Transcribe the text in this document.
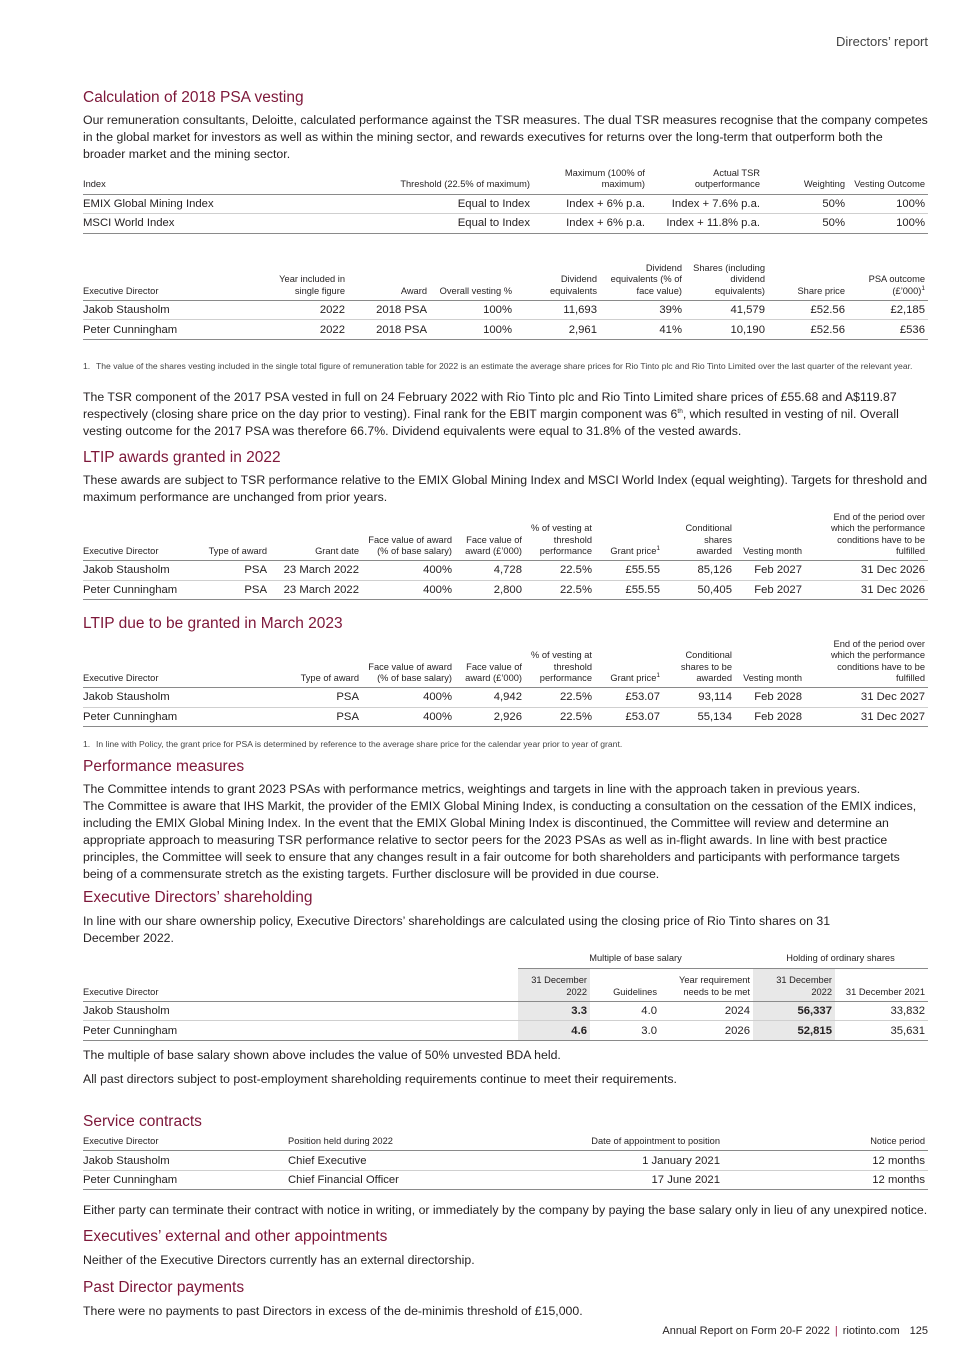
Directors’ report
Calculation of 2018 PSA vesting

Our remuneration consultants, Deloitte, calculated performance against the TSR measures. The dual TSR measures recognise that the company competes in the global market for investors as well as within the mining sector, and rewards executives for returns over the long-term that outperform both the broader market and the mining sector.

Index	Threshold (22.5% of maximum)	Maximum (100% of maximum)	Actual TSR outperformance	Weighting	Vesting Outcome
EMIX Global Mining Index	Equal to Index	Index + 6% p.a.	Index + 7.6% p.a.	50%	100%
MSCI World Index	Equal to Index	Index + 6% p.a.	Index + 11.8% p.a.	50%	100%
Executive Director	Year included in single figure	Award	Overall vesting %	Dividend equivalents	Dividend equivalents (% of face value)	Shares (including dividend equivalents)	Share price	PSA outcome (£’000)$^1$
Jakob Stausholm	2022	2018 PSA	100%	11,693	39%	41,579	£52.56	£2,185
Peter Cunningham	2022	2018 PSA	100%	2,961	41%	10,190	£52.56	£536
1. The value of the shares vesting included in the single total figure of remuneration table for 2022 is an estimate the average share prices for Rio Tinto plc and Rio Tinto Limited over the last quarter of the relevant year.

The TSR component of the 2017 PSA vested in full on 24 February 2022 with Rio Tinto plc and Rio Tinto Limited share prices of £55.68 and A$119.87 respectively (closing share price on the day prior to vesting). Final rank for the EBIT margin component was 6th, which resulted in vesting of nil. Overall vesting outcome for the 2017 PSA was therefore 66.7%. Dividend equivalents were equal to 31.8% of the vested awards.

LTIP awards granted in 2022

These awards are subject to TSR performance relative to the EMIX Global Mining Index and MSCI World Index (equal weighting). Targets for threshold and maximum performance are unchanged from prior years.

Executive Director	Type of award	Grant date	Face value of award (% of base salary)	Face value of award (£’000)	% of vesting at threshold performance	Grant price$^1$	Conditional shares awarded	Vesting month	End of the period over which the performance conditions have to be fulfilled
Jakob Stausholm	PSA	23 March 2022	400%	4,728	22.5%	£55.55	85,126	Feb 2027	31 Dec 2026
Peter Cunningham	PSA	23 March 2022	400%	2,800	22.5%	£55.55	50,405	Feb 2027	31 Dec 2026
LTIP due to be granted in March 2023
Executive Director	Type of award	Face value of award (% of base salary)	Face value of award (£’000)	% of vesting at threshold performance	Grant price$^1$	Conditional shares to be awarded	Vesting month	End of the period over which the performance conditions have to be fulfilled
Jakob Stausholm	PSA	400%	4,942	22.5%	£53.07	93,114	Feb 2028	31 Dec 2027
Peter Cunningham	PSA	400%	2,926	22.5%	£53.07	55,134	Feb 2028	31 Dec 2027
1. In line with Policy, the grant price for PSA is determined by reference to the average share price for the calendar year prior to year of grant.
Performance measures

The Committee intends to grant 2023 PSAs with performance metrics, weightings and targets in line with the approach taken in previous years.

The Committee is aware that IHS Markit, the provider of the EMIX Global Mining Index, is conducting a consultation on the cessation of the EMIX indices, including the EMIX Global Mining Index. In the event that the EMIX Global Mining Index is discontinued, the Committee will review and determine an appropriate approach to measuring TSR performance relative to sector peers for the 2023 PSAs as well as in-flight awards. In line with best practice principles, the Committee will seek to ensure that any changes result in a fair outcome for both shareholders and participants with performance targets being of a commensurate stretch as the existing targets. Further disclosure will be provided in due course.

Executive Directors’ shareholding

In line with our share ownership policy, Executive Directors’ shareholdings are calculated using the closing price of Rio Tinto shares on 31 December 2022.

	Multiple of base salary			Holding of ordinary shares	
Executive Director	31 December 2022	Guidelines	Year requirement needs to be met	31 December 2022	31 December 2021
Jakob Stausholm	3.3	4.0	2024	56,337	33,832
Peter Cunningham	4.6	3.0	2026	52,815	35,631

The multiple of base salary shown above includes the value of 50% unvested BDA held.

All past directors subject to post-employment shareholding requirements continue to meet their requirements.

Service contracts
Executive Director	Position held during 2022	Date of appointment to position	Notice period
Jakob Stausholm	Chief Executive	1 January 2021	12 months
Peter Cunningham	Chief Financial Officer	17 June 2021	12 months

Either party can terminate their contract with notice in writing, or immediately by the company by paying the base salary only in lieu of any unexpired notice.

Executives’ external and other appointments

Neither of the Executive Directors currently has an external directorship.

Past Director payments

There were no payments to past Directors in excess of the de-minimis threshold of £15,000.

Annual Report on Form 20-F 2022 | riotinto.com 125
